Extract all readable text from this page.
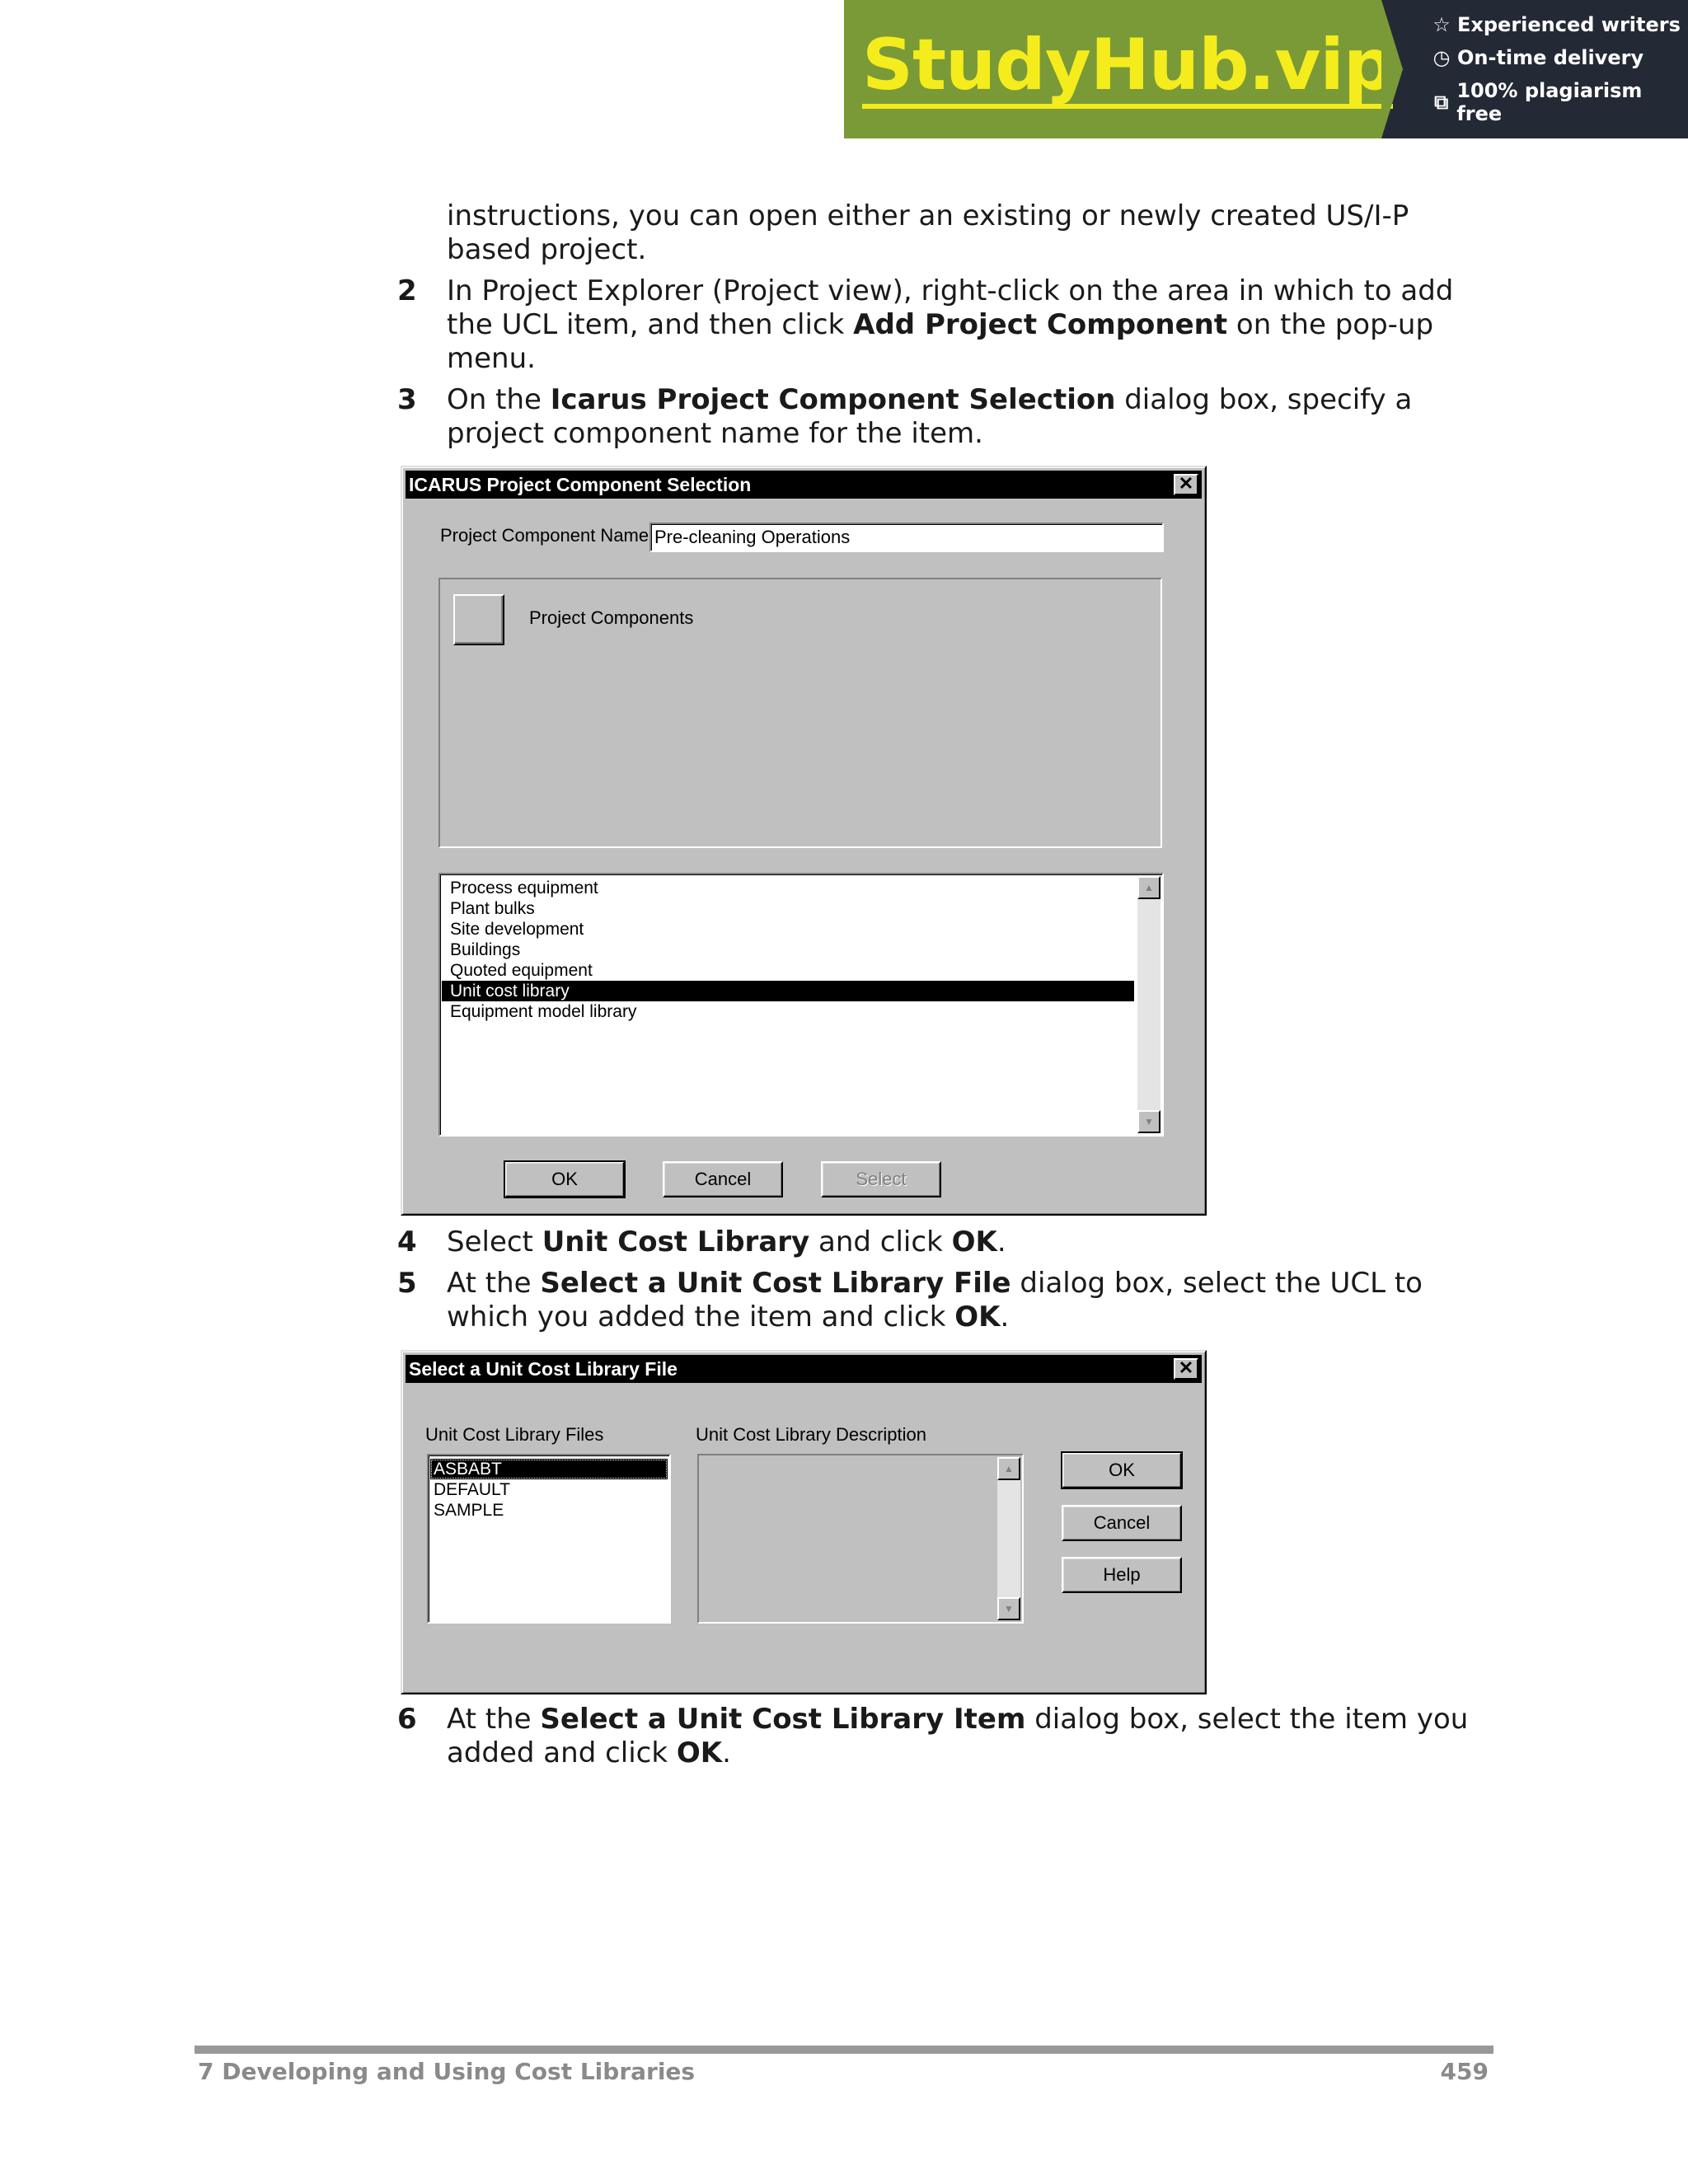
StudyHub.vip ☆ Experienced writers
◷ On-time delivery
⧉ 100% plagiarism free

instructions, you can open either an existing or newly created US/I-P

based project.

2 In Project Explorer (Project view), right-click on the area in which to add the UCL item, and then click Add Project Component on the pop-up menu.
3 On the Icarus Project Component Selection dialog box, specify a project component name for the item.
ICARUS Project Component Selection	✕
Project Component Name Pre-cleaning Operations
Project Components
Process equipment
Plant bulks
Site development
Buildings
Quoted equipment
Unit cost library
Equipment model library
▲
▼
OK	Cancel	Select
4 Select Unit Cost Library and click OK.
5 At the Select a Unit Cost Library File dialog box, select the UCL to which you added the item and click OK.
Select a Unit Cost Library File	✕
Unit Cost Library Files	Unit Cost Library Description
ASBABT
DEFAULT
SAMPLE
▲
▼
OK
Cancel
Help
6 At the Select a Unit Cost Library Item dialog box, select the item you added and click OK.
7 Developing and Using Cost Libraries	459
